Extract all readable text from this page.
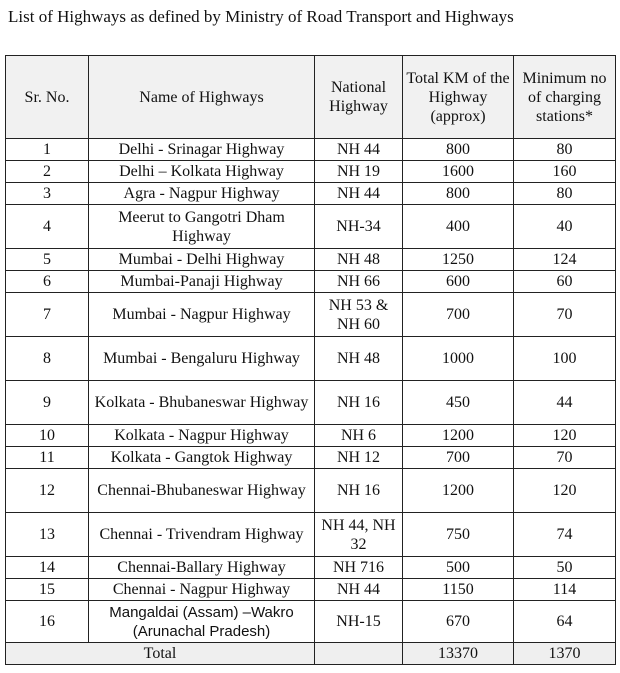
List of Highways as defined by Ministry of Road Transport and Highways
Sr. No.	Name of Highways	National Highway	Total KM of the Highway (approx)	Minimum no of charging stations*
1	Delhi - Srinagar Highway	NH 44	800	80
2	Delhi – Kolkata Highway	NH 19	1600	160
3	Agra - Nagpur Highway	NH 44	800	80
4	Meerut to Gangotri Dham Highway	NH-34	400	40
5	Mumbai - Delhi Highway	NH 48	1250	124
6	Mumbai-Panaji Highway	NH 66	600	60
7	Mumbai - Nagpur Highway	NH 53 & NH 60	700	70
8	Mumbai - Bengaluru Highway	NH 48	1000	100
9	Kolkata - Bhubaneswar Highway	NH 16	450	44
10	Kolkata - Nagpur Highway	NH 6	1200	120
11	Kolkata - Gangtok Highway	NH 12	700	70
12	Chennai-Bhubaneswar Highway	NH 16	1200	120
13	Chennai - Trivendram Highway	NH 44, NH 32	750	74
14	Chennai-Ballary Highway	NH 716	500	50
15	Chennai - Nagpur Highway	NH 44	1150	114
16	Mangaldai (Assam) –Wakro (Arunachal Pradesh)	NH-15	670	64
Total			13370	1370
